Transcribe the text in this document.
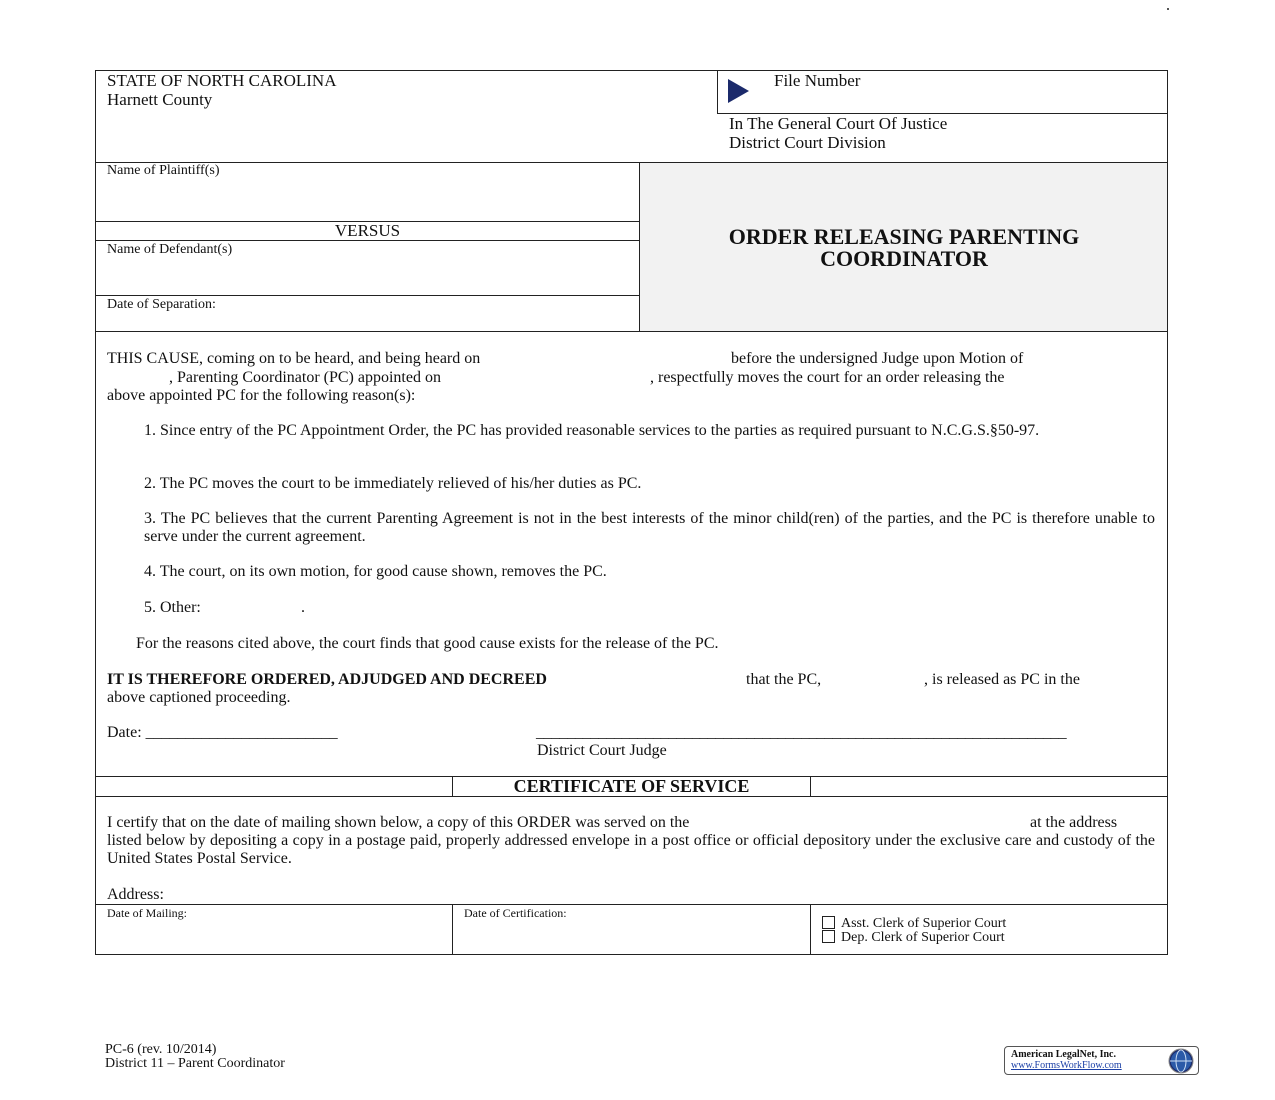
STATE OF NORTH CAROLINA
Harnett County
File Number
In The General Court Of Justice
District Court Division
Name of Plaintiff(s)
VERSUS
Name of Defendant(s)
Date of Separation:
ORDER RELEASING PARENTING
COORDINATOR
THIS CAUSE, coming on to be heard, and being heard on	before the undersigned Judge upon Motion of
, Parenting Coordinator (PC) appointed on	, respectfully moves the court for an order releasing the
above appointed PC for the following reason(s):
1. Since entry of the PC Appointment Order, the PC has provided reasonable services to the parties as required pursuant to N.C.G.S.§50-97.
2. The PC moves the court to be immediately relieved of his/her duties as PC.
3. The PC believes that the current Parenting Agreement is not in the best interests of the minor child(ren) of the parties, and the PC is therefore unable to serve under the current agreement.
4. The court, on its own motion, for good cause shown, removes the PC.
5. Other:	.
For the reasons cited above, the court finds that good cause exists for the release of the PC.
IT IS THEREFORE ORDERED, ADJUDGED AND DECREED	that the PC,	, is released as PC in the
above captioned proceeding.
Date: ________________________	____________________________________________________________________
District Court Judge
CERTIFICATE OF SERVICE
I certify that on the date of mailing shown below, a copy of this ORDER was served on the	at the address
listed below by depositing a copy in a postage paid, properly addressed envelope in a post office or official depository under the exclusive care and custody of the United States Postal Service.
Address:
Date of Mailing:	Date of Certification:
Asst. Clerk of Superior Court
Dep. Clerk of Superior Court
PC-6 (rev. 10/2014)
District 11 – Parent Coordinator
American LegalNet, Inc.
www.FormsWorkFlow.com
